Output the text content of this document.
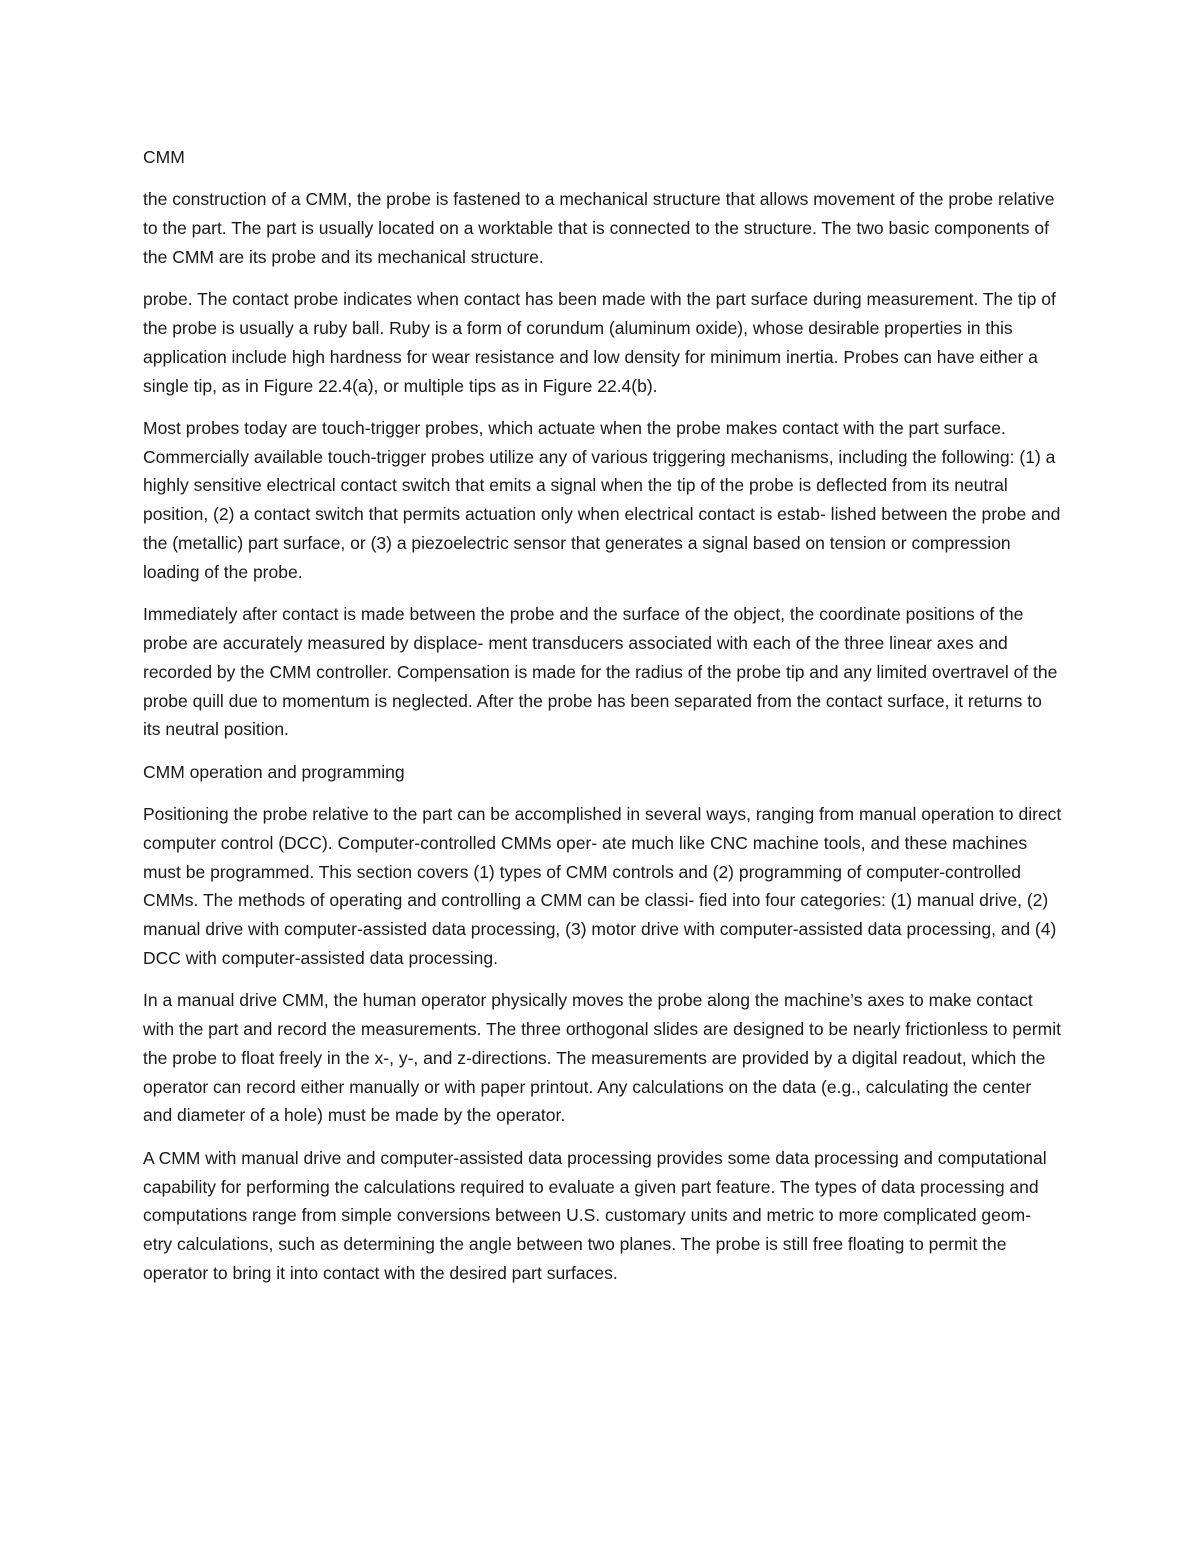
CMM

the construction of a CMM, the probe is fastened to a mechanical structure that allows movement of the probe relative to the part. The part is usually located on a worktable that is connected to the structure. The two basic components of the CMM are its probe and its mechanical structure.

probe. The contact probe indicates when contact has been made with the part surface during measurement. The tip of the probe is usually a ruby ball. Ruby is a form of corundum (aluminum oxide), whose desirable properties in this application include high hardness for wear resistance and low density for minimum inertia. Probes can have either a single tip, as in Figure 22.4(a), or multiple tips as in Figure 22.4(b).

Most probes today are touch-trigger probes, which actuate when the probe makes contact with the part surface. Commercially available touch-trigger probes utilize any of various triggering mechanisms, including the following: (1) a highly sensitive electrical contact switch that emits a signal when the tip of the probe is deflected from its neutral position, (2) a contact switch that permits actuation only when electrical contact is estab- lished between the probe and the (metallic) part surface, or (3) a piezoelectric sensor that generates a signal based on tension or compression loading of the probe.

Immediately after contact is made between the probe and the surface of the object, the coordinate positions of the probe are accurately measured by displace- ment transducers associated with each of the three linear axes and recorded by the CMM controller. Compensation is made for the radius of the probe tip and any limited overtravel of the probe quill due to momentum is neglected. After the probe has been separated from the contact surface, it returns to its neutral position.

CMM operation and programming

Positioning the probe relative to the part can be accomplished in several ways, ranging from manual operation to direct computer control (DCC). Computer-controlled CMMs oper- ate much like CNC machine tools, and these machines must be programmed. This section covers (1) types of CMM controls and (2) programming of computer-controlled CMMs. The methods of operating and controlling a CMM can be classi- fied into four categories: (1) manual drive, (2) manual drive with computer-assisted data processing, (3) motor drive with computer-assisted data processing, and (4) DCC with computer-assisted data processing.

In a manual drive CMM, the human operator physically moves the probe along the machine’s axes to make contact with the part and record the measurements. The three orthogonal slides are designed to be nearly frictionless to permit the probe to float freely in the x-, y-, and z-directions. The measurements are provided by a digital readout, which the operator can record either manually or with paper printout. Any calculations on the data (e.g., calculating the center and diameter of a hole) must be made by the operator.

A CMM with manual drive and computer-assisted data processing provides some data processing and computational capability for performing the calculations required to evaluate a given part feature. The types of data processing and computations range from simple conversions between U.S. customary units and metric to more complicated geom- etry calculations, such as determining the angle between two planes. The probe is still free floating to permit the operator to bring it into contact with the desired part surfaces.
